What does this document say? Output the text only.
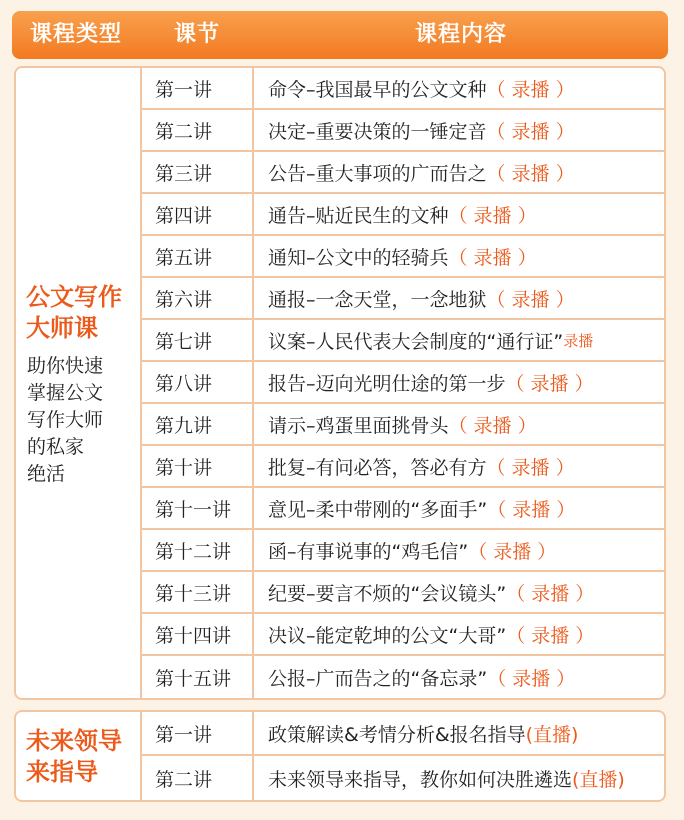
课程类型	课节	课程内容
公文写作
大师课
助你快速
掌握公文
写作大师
的私家
绝活
第一讲	命令–我国最早的公文文种 （ 录播 ）
第二讲	决定–重要决策的一锤定音 （ 录播 ）
第三讲	公告–重大事项的广而告之 （ 录播 ）
第四讲	通告–贴近民生的文种 （ 录播 ）
第五讲	通知–公文中的轻骑兵 （ 录播 ）
第六讲	通报–一念天堂，一念地狱 （ 录播 ）
第七讲	议案–人民代表大会制度的“通行证” 录播
第八讲	报告–迈向光明仕途的第一步 （ 录播 ）
第九讲	请示–鸡蛋里面挑骨头 （ 录播 ）
第十讲	批复–有问必答，答必有方 （ 录播 ）
第十一讲	意见–柔中带刚的“多面手” （ 录播 ）
第十二讲	函–有事说事的“鸡毛信” （ 录播 ）
第十三讲	纪要–要言不烦的“会议镜头” （ 录播 ）
第十四讲	决议–能定乾坤的公文“大哥” （ 录播 ）
第十五讲	公报–广而告之的“备忘录” （ 录播 ）
未来领导
来指导
第一讲	政策解读&考情分析&报名指导 (直播)
第二讲	未来领导来指导，教你如何决胜遴选 (直播)
